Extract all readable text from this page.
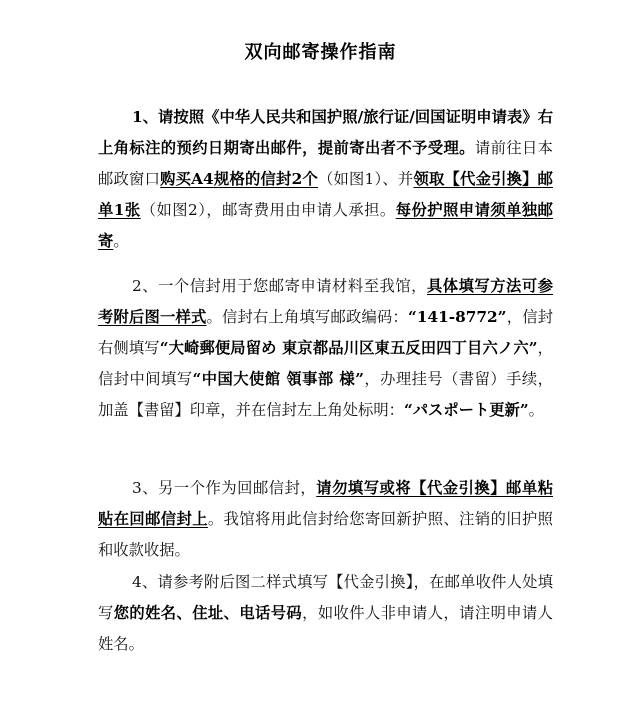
双向邮寄操作指南

1、请按照《中华人民共和国护照/旅行证/回国证明申请表》右上角标注的预约日期寄出邮件，提前寄出者不予受理。请前往日本邮政窗口购买A4规格的信封2个（如图1）、并领取【代金引換】邮单1张（如图2），邮寄费用由申请人承担。每份护照申请须单独邮寄。

2、一个信封用于您邮寄申请材料至我馆，具体填写方法可参考附后图一样式。信封右上角填写邮政编码：“141-8772”，信封右侧填写“大崎郵便局留め 東京都品川区東五反田四丁目六ノ六”，信封中间填写“中国大使館 領事部 様”，办理挂号（書留）手续，加盖【書留】印章，并在信封左上角处标明：“パスポート更新”。

3、另一个作为回邮信封，请勿填写或将【代金引換】邮单粘贴在回邮信封上。我馆将用此信封给您寄回新护照、注销的旧护照和收款收据。

4、请参考附后图二样式填写【代金引換】，在邮单收件人处填写您的姓名、住址、电话号码，如收件人非申请人，请注明申请人姓名。
